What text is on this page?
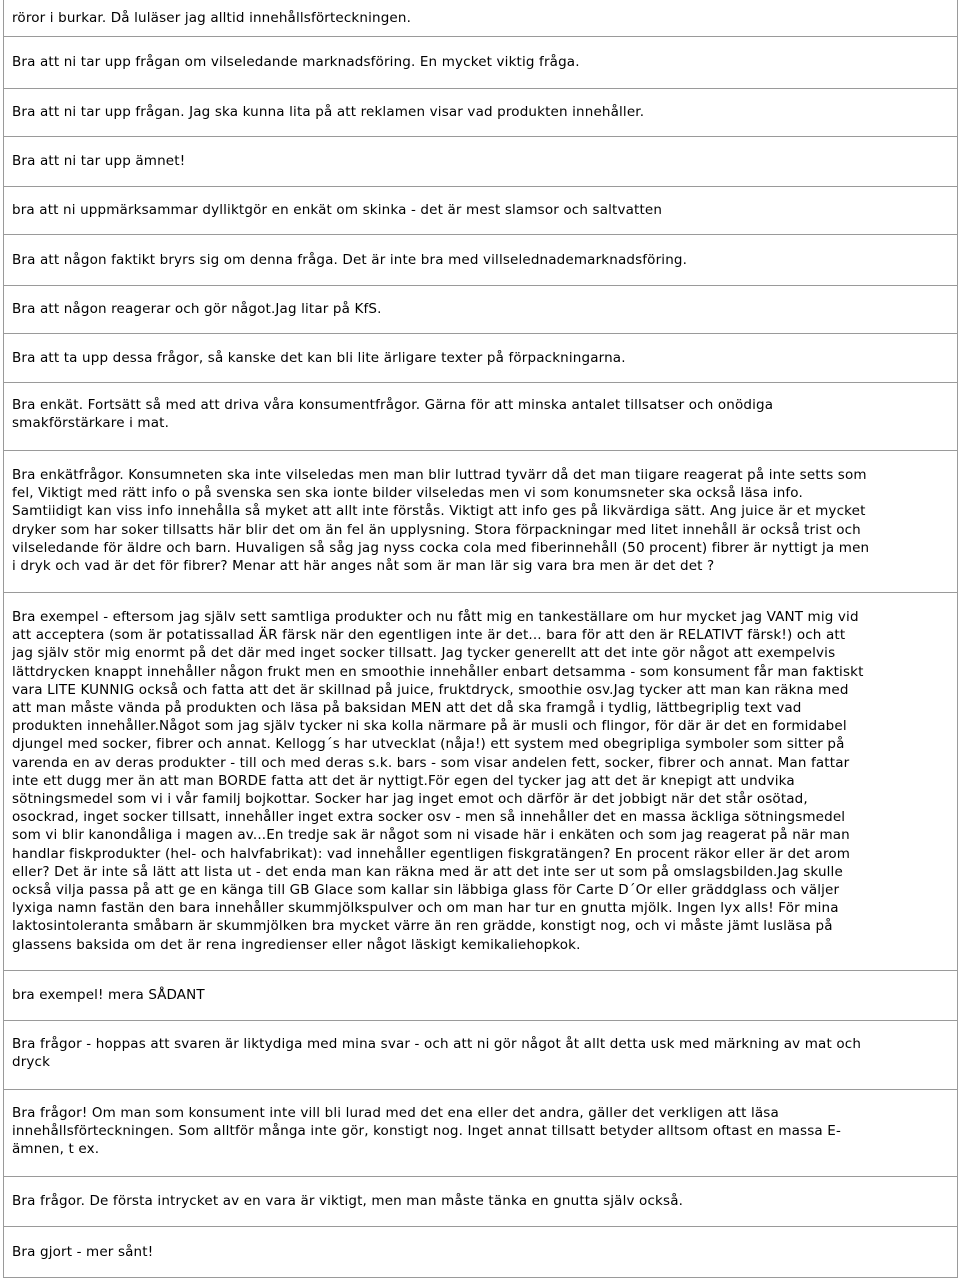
röror i burkar. Då luläser jag alltid innehållsförteckningen.
Bra att ni tar upp frågan om vilseledande marknadsföring. En mycket viktig fråga.
Bra att ni tar upp frågan. Jag ska kunna lita på att reklamen visar vad produkten innehåller.
Bra att ni tar upp ämnet!
bra att ni uppmärksammar dylliktgör en enkät om skinka - det är mest slamsor och saltvatten
Bra att någon faktikt bryrs sig om denna fråga. Det är inte bra med villselednademarknadsföring.
Bra att någon reagerar och gör något.Jag litar på KfS.
Bra att ta upp dessa frågor, så kanske det kan bli lite ärligare texter på förpackningarna.
Bra enkät. Fortsätt så med att driva våra konsumentfrågor. Gärna för att minska antalet tillsatser och onödiga
smakförstärkare i mat.
Bra enkätfrågor. Konsumneten ska inte vilseledas men man blir luttrad tyvärr då det man tiigare reagerat på inte setts som
fel, Viktigt med rätt info o på svenska sen ska ionte bilder vilseledas men vi som konumsneter ska också läsa info.
Samtiidigt kan viss info innehålla så myket att allt inte förstås. Viktigt att info ges på likvärdiga sätt. Ang juice är et mycket
dryker som har soker tillsatts här blir det om än fel än upplysning. Stora förpackningar med litet innehåll är också trist och
vilseledande för äldre och barn. Huvaligen så såg jag nyss cocka cola med fiberinnehåll (50 procent) fibrer är nyttigt ja men
i dryk och vad är det för fibrer? Menar att här anges nåt som är man lär sig vara bra men är det det ?
Bra exempel - eftersom jag själv sett samtliga produkter och nu fått mig en tankeställare om hur mycket jag VANT mig vid
att acceptera (som är potatissallad ÄR färsk när den egentligen inte är det... bara för att den är RELATIVT färsk!) och att
jag själv stör mig enormt på det där med inget socker tillsatt. Jag tycker generellt att det inte gör något att exempelvis
lättdrycken knappt innehåller någon frukt men en smoothie innehåller enbart detsamma - som konsument får man faktiskt
vara LITE KUNNIG också och fatta att det är skillnad på juice, fruktdryck, smoothie osv.Jag tycker att man kan räkna med
att man måste vända på produkten och läsa på baksidan MEN att det då ska framgå i tydlig, lättbegriplig text vad
produkten innehåller.Något som jag själv tycker ni ska kolla närmare på är musli och flingor, för där är det en formidabel
djungel med socker, fibrer och annat. Kellogg´s har utvecklat (nåja!) ett system med obegripliga symboler som sitter på
varenda en av deras produkter - till och med deras s.k. bars - som visar andelen fett, socker, fibrer och annat. Man fattar
inte ett dugg mer än att man BORDE fatta att det är nyttigt.För egen del tycker jag att det är knepigt att undvika
sötningsmedel som vi i vår familj bojkottar. Socker har jag inget emot och därför är det jobbigt när det står osötad,
osockrad, inget socker tillsatt, innehåller inget extra socker osv - men så innehåller det en massa äckliga sötningsmedel
som vi blir kanondåliga i magen av...En tredje sak är något som ni visade här i enkäten och som jag reagerat på när man
handlar fiskprodukter (hel- och halvfabrikat): vad innehåller egentligen fiskgratängen? En procent räkor eller är det arom
eller? Det är inte så lätt att lista ut - det enda man kan räkna med är att det inte ser ut som på omslagsbilden.Jag skulle
också vilja passa på att ge en känga till GB Glace som kallar sin läbbiga glass för Carte D´Or eller gräddglass och väljer
lyxiga namn fastän den bara innehåller skummjölkspulver och om man har tur en gnutta mjölk. Ingen lyx alls! För mina
laktosintoleranta småbarn är skummjölken bra mycket värre än ren grädde, konstigt nog, och vi måste jämt lusläsa på
glassens baksida om det är rena ingredienser eller något läskigt kemikaliehopkok.
bra exempel! mera SÅDANT
Bra frågor - hoppas att svaren är liktydiga med mina svar - och att ni gör något åt allt detta usk med märkning av mat och
dryck
Bra frågor! Om man som konsument inte vill bli lurad med det ena eller det andra, gäller det verkligen att läsa
innehållsförteckningen. Som alltför många inte gör, konstigt nog. Inget annat tillsatt betyder alltsom oftast en massa E-
ämnen, t ex.
Bra frågor. De första intrycket av en vara är viktigt, men man måste tänka en gnutta själv också.
Bra gjort - mer sånt!
